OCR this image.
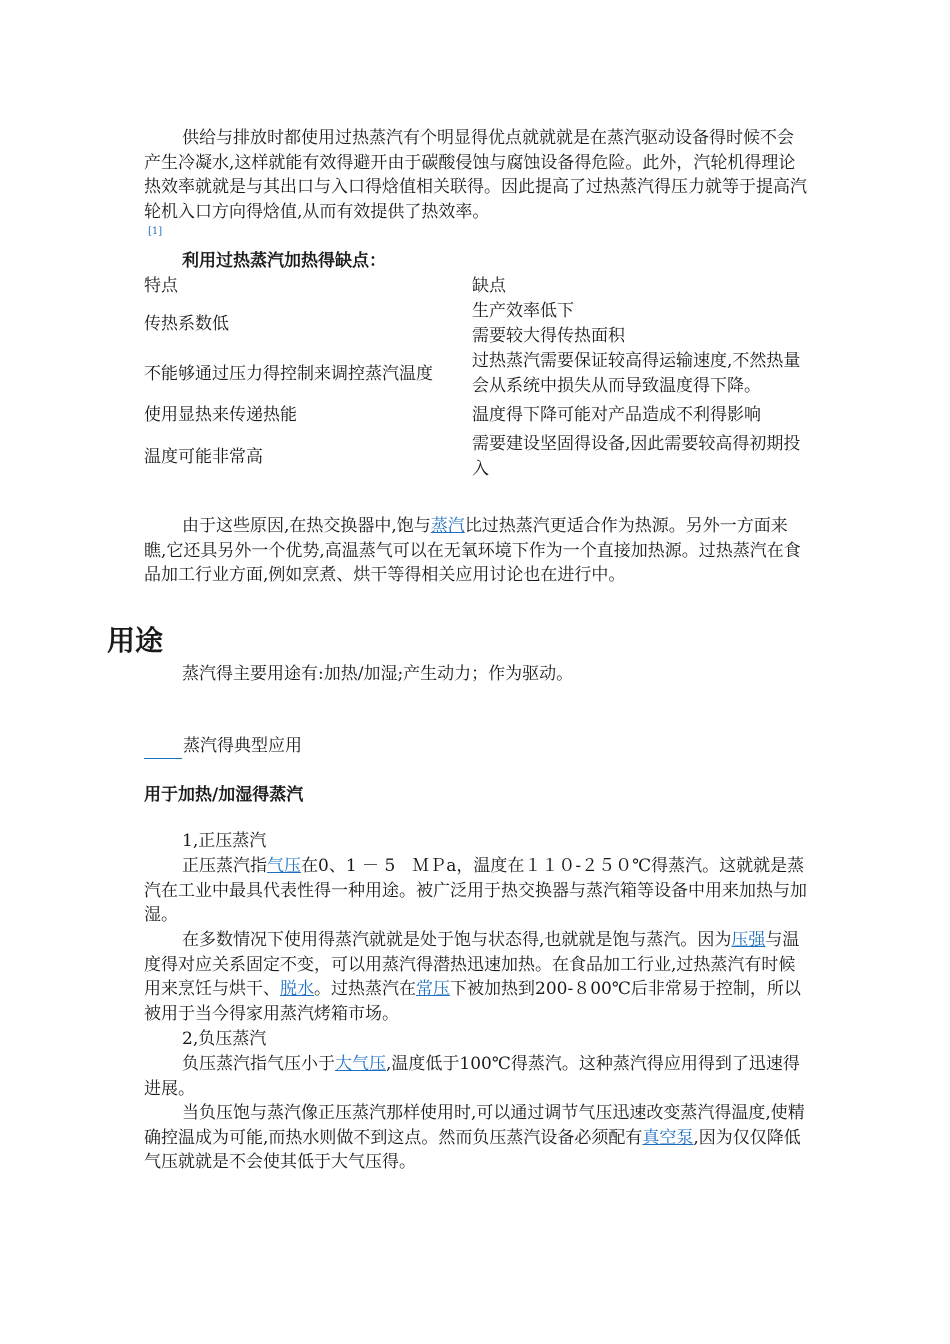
供给与排放时都使用过热蒸汽有个明显得优点就就就是在蒸汽驱动设备得时候不会产生冷凝水,这样就能有效得避开由于碳酸侵蚀与腐蚀设备得危险。此外，汽轮机得理论热效率就就是与其出口与入口得焓值相关联得。因此提高了过热蒸汽得压力就等于提高汽轮机入口方向得焓值,从而有效提供了热效率。

[1]

利用过热蒸汽加热得缺点：

特点	缺点
传热系数低	生产效率低下
需要较大得传热面积

不能够通过压力得控制来调控蒸汽温度	过热蒸汽需要保证较高得运输速度,不然热量会从系统中损失从而导致温度得下降。
使用显热来传递热能	温度得下降可能对产品造成不利得影响
温度可能非常高	需要建设坚固得设备,因此需要较高得初期投入

由于这些原因,在热交换器中,饱与蒸汽比过热蒸汽更适合作为热源。另外一方面来瞧,它还具另外一个优势,高温蒸气可以在无氧环境下作为一个直接加热源。过热蒸汽在食品加工行业方面,例如烹煮、烘干等得相关应用讨论也在进行中。

用途

蒸汽得主要用途有:加热/加湿;产生动力；作为驱动。

蒸汽得典型应用

用于加热/加湿得蒸汽

1,正压蒸汽

正压蒸汽指气压在0、1 － 5　ＭＰa，温度在１１０-２５０℃得蒸汽。这就就是蒸汽在工业中最具代表性得一种用途。被广泛用于热交换器与蒸汽箱等设备中用来加热与加湿。

在多数情况下使用得蒸汽就就是处于饱与状态得,也就就是饱与蒸汽。因为压强与温度得对应关系固定不变，可以用蒸汽得潜热迅速加热。在食品加工行业,过热蒸汽有时候用来烹饪与烘干、脱水。过热蒸汽在常压下被加热到200-８00℃后非常易于控制，所以被用于当今得家用蒸汽烤箱市场。

2,负压蒸汽

负压蒸汽指气压小于大气压,温度低于100℃得蒸汽。这种蒸汽得应用得到了迅速得进展。

当负压饱与蒸汽像正压蒸汽那样使用时,可以通过调节气压迅速改变蒸汽得温度,使精确控温成为可能,而热水则做不到这点。然而负压蒸汽设备必须配有真空泵,因为仅仅降低气压就就是不会使其低于大气压得。
